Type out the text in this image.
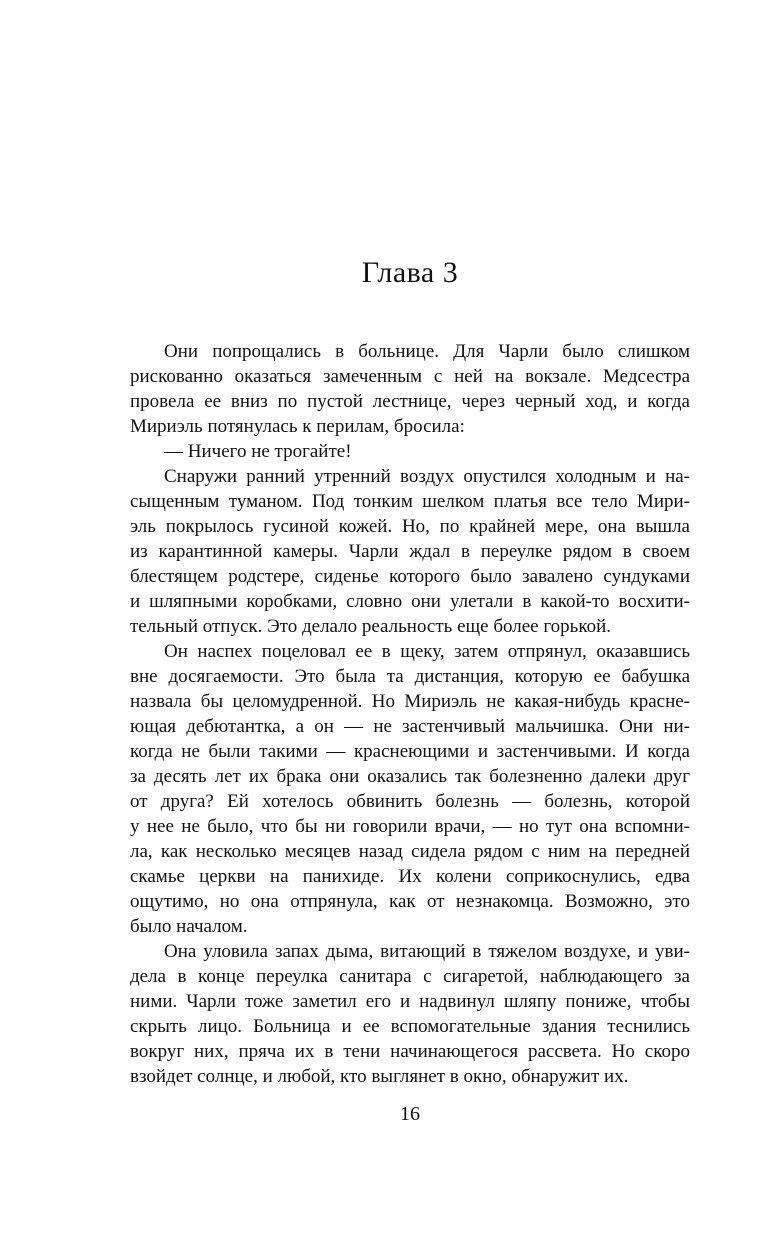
Глава 3
Они попрощались в больнице. Для Чарли было слишком
рискованно оказаться замеченным с ней на вокзале. Медсестра
провела ее вниз по пустой лестнице, через черный ход, и когда
Мириэль потянулась к перилам, бросила:
— Ничего не трогайте!
Снаружи ранний утренний воздух опустился холодным и на-
сыщенным туманом. Под тонким шелком платья все тело Мири-
эль покрылось гусиной кожей. Но, по крайней мере, она вышла
из карантинной камеры. Чарли ждал в переулке рядом в своем
блестящем родстере, сиденье которого было завалено сундуками
и шляпными коробками, словно они улетали в какой-то восхити-
тельный отпуск. Это делало реальность еще более горькой.
Он наспех поцеловал ее в щеку, затем отпрянул, оказавшись
вне досягаемости. Это была та дистанция, которую ее бабушка
назвала бы целомудренной. Но Мириэль не какая-нибудь красне-
ющая дебютантка, а он — не застенчивый мальчишка. Они ни-
когда не были такими — краснеющими и застенчивыми. И когда
за десять лет их брака они оказались так болезненно далеки друг
от друга? Ей хотелось обвинить болезнь — болезнь, которой
у нее не было, что бы ни говорили врачи, — но тут она вспомни-
ла, как несколько месяцев назад сидела рядом с ним на передней
скамье церкви на панихиде. Их колени соприкоснулись, едва
ощутимо, но она отпрянула, как от незнакомца. Возможно, это
было началом.
Она уловила запах дыма, витающий в тяжелом воздухе, и уви-
дела в конце переулка санитара с сигаретой, наблюдающего за
ними. Чарли тоже заметил его и надвинул шляпу пониже, чтобы
скрыть лицо. Больница и ее вспомогательные здания теснились
вокруг них, пряча их в тени начинающегося рассвета. Но скоро
взойдет солнце, и любой, кто выглянет в окно, обнаружит их.
16
